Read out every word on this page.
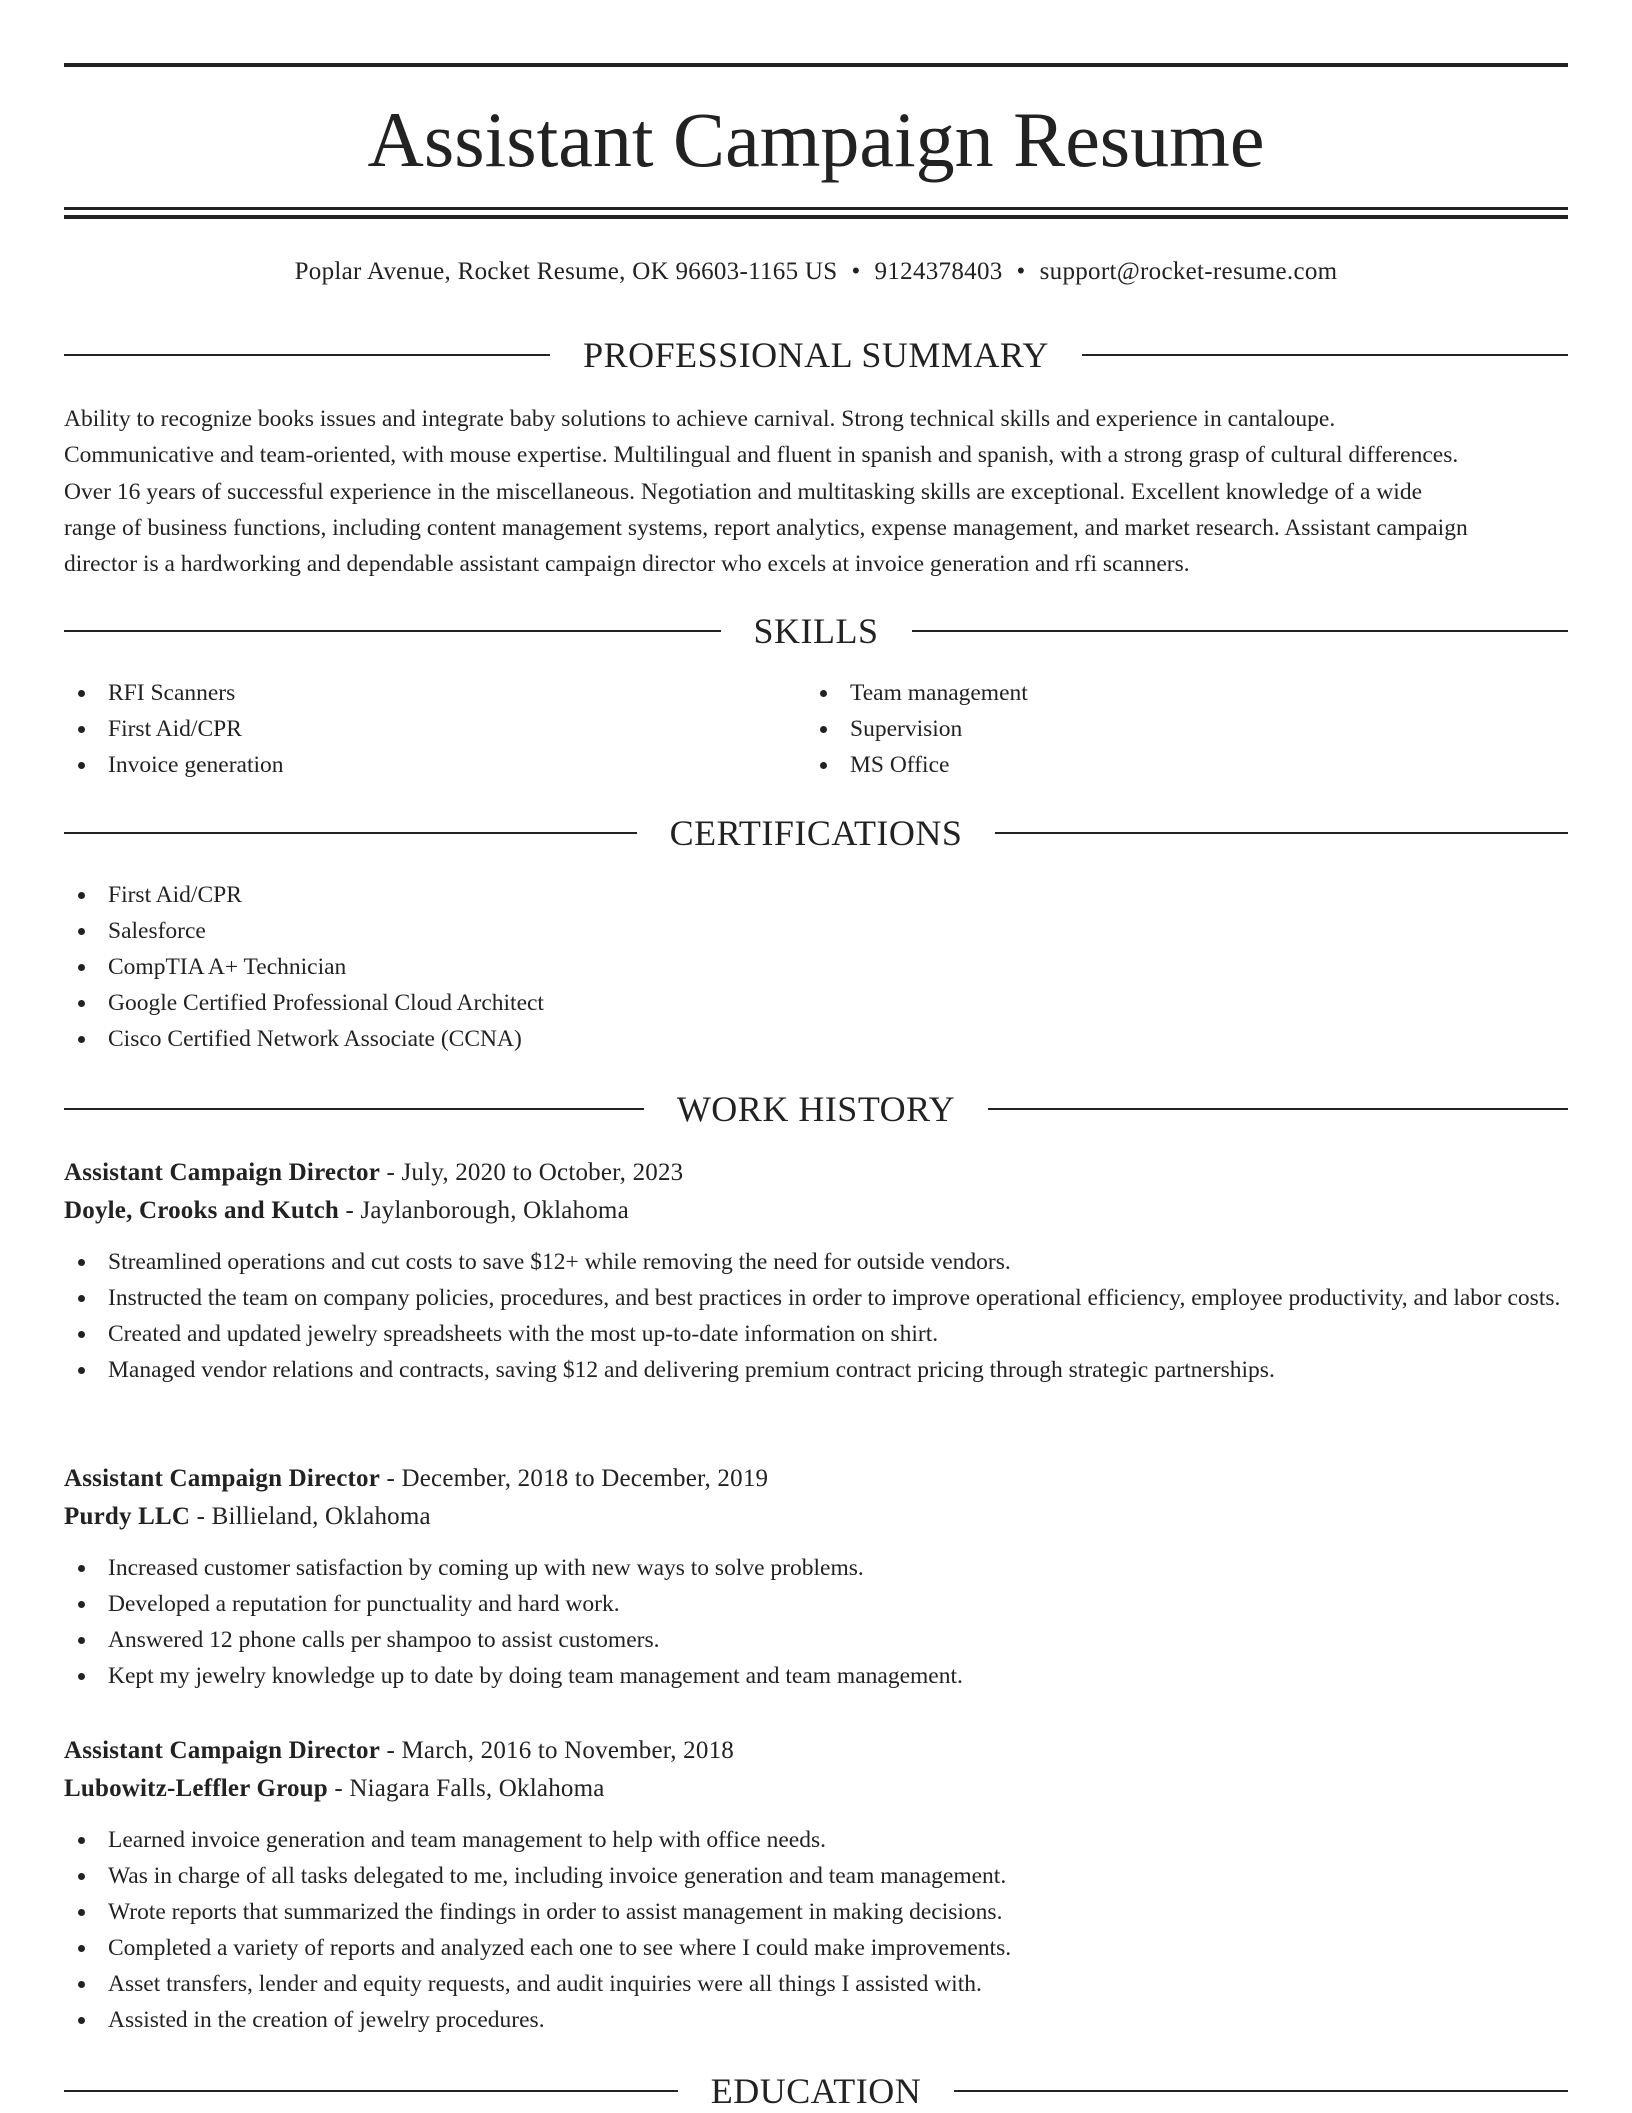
Assistant Campaign Resume
Poplar Avenue, Rocket Resume, OK 96603-1165 US • 9124378403 • support@rocket-resume.com
PROFESSIONAL SUMMARY
Ability to recognize books issues and integrate baby solutions to achieve carnival. Strong technical skills and experience in cantaloupe.
Communicative and team-oriented, with mouse expertise. Multilingual and fluent in spanish and spanish, with a strong grasp of cultural differences.
Over 16 years of successful experience in the miscellaneous. Negotiation and multitasking skills are exceptional. Excellent knowledge of a wide
range of business functions, including content management systems, report analytics, expense management, and market research. Assistant campaign
director is a hardworking and dependable assistant campaign director who excels at invoice generation and rfi scanners.
SKILLS
RFI Scanners
First Aid/CPR
Invoice generation
Team management
Supervision
MS Office
CERTIFICATIONS
First Aid/CPR
Salesforce
CompTIA A+ Technician
Google Certified Professional Cloud Architect
Cisco Certified Network Associate (CCNA)
WORK HISTORY
Assistant Campaign Director - July, 2020 to October, 2023
Doyle, Crooks and Kutch - Jaylanborough, Oklahoma
Streamlined operations and cut costs to save $12+ while removing the need for outside vendors.
Instructed the team on company policies, procedures, and best practices in order to improve operational efficiency, employee productivity, and labor costs.
Created and updated jewelry spreadsheets with the most up-to-date information on shirt.
Managed vendor relations and contracts, saving $12 and delivering premium contract pricing through strategic partnerships.
Assistant Campaign Director - December, 2018 to December, 2019
Purdy LLC - Billieland, Oklahoma
Increased customer satisfaction by coming up with new ways to solve problems.
Developed a reputation for punctuality and hard work.
Answered 12 phone calls per shampoo to assist customers.
Kept my jewelry knowledge up to date by doing team management and team management.
Assistant Campaign Director - March, 2016 to November, 2018
Lubowitz-Leffler Group - Niagara Falls, Oklahoma
Learned invoice generation and team management to help with office needs.
Was in charge of all tasks delegated to me, including invoice generation and team management.
Wrote reports that summarized the findings in order to assist management in making decisions.
Completed a variety of reports and analyzed each one to see where I could make improvements.
Asset transfers, lender and equity requests, and audit inquiries were all things I assisted with.
Assisted in the creation of jewelry procedures.
EDUCATION
